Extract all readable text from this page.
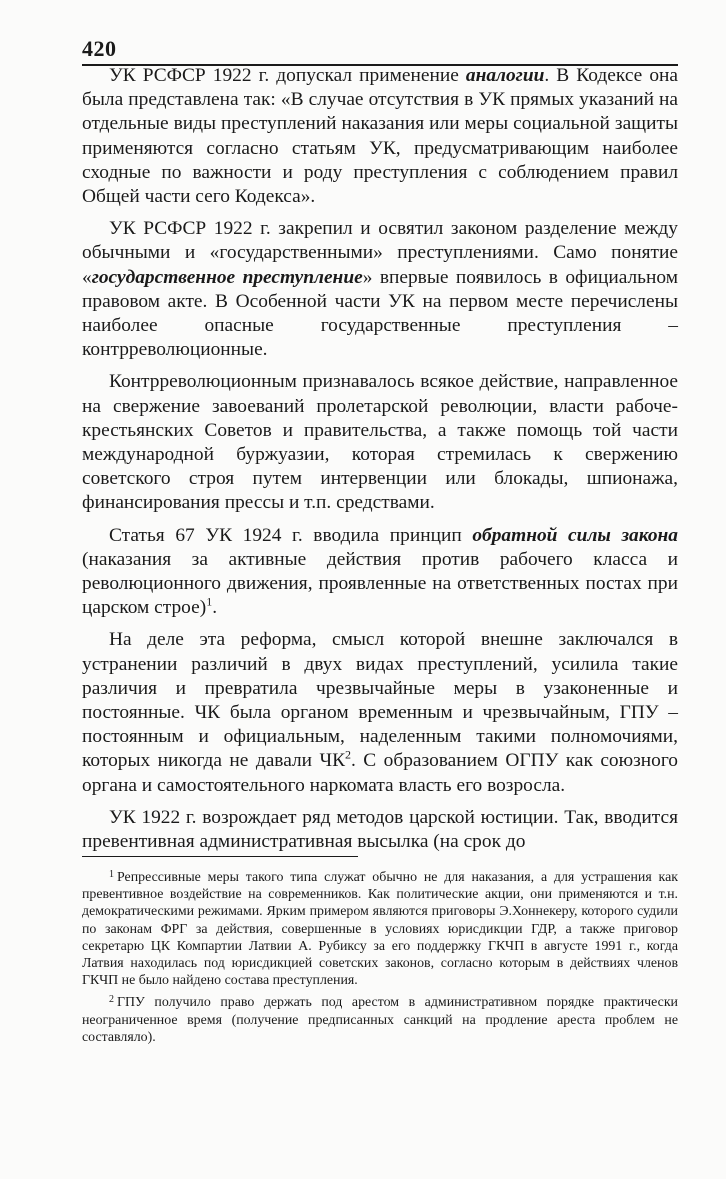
420

УК РСФСР 1922 г. допускал применение аналогии. В Кодексе она была представлена так: «В случае отсутствия в УК прямых указаний на отдельные виды преступлений наказания или меры социальной защиты применяются согласно статьям УК, предусматривающим наиболее сходные по важности и роду преступления с соблюдением правил Общей части сего Кодекса».

УК РСФСР 1922 г. закрепил и освятил законом разделение между обычными и «государственными» преступлениями. Само понятие «государственное преступление» впервые появилось в официальном правовом акте. В Особенной части УК на первом месте перечислены наиболее опасные государственные преступления – контрреволюционные.

Контрреволюционным признавалось всякое действие, направленное на свержение завоеваний пролетарской революции, власти рабоче-крестьянских Советов и правительства, а также помощь той части международной буржуазии, которая стремилась к свержению советского строя путем интервенции или блокады, шпионажа, финансирования прессы и т.п. средствами.

Статья 67 УК 1924 г. вводила принцип обратной силы закона (наказания за активные действия против рабочего класса и революционного движения, проявленные на ответственных постах при царском строе)$^1$.

На деле эта реформа, смысл которой внешне заключался в устранении различий в двух видах преступлений, усилила такие различия и превратила чрезвычайные меры в узаконенные и постоянные. ЧК была органом временным и чрезвычайным, ГПУ – постоянным и официальным, наделенным такими полномочиями, которых никогда не давали $ЧК^2$. С образованием ОГПУ как союзного органа и самостоятельного наркомата власть его возросла.

УК 1922 г. возрождает ряд методов царской юстиции. Так, вводится превентивная административная высылка (на срок до

$^1$ Репрессивные меры такого типа служат обычно не для наказания, а для устрашения как превентивное воздействие на современников. Как политические акции, они применяются и т.н. демократическими режимами. Ярким примером являются приговоры Э.Хоннекеру, которого судили по законам ФРГ за действия, совершенные в условиях юрисдикции ГДР, а также приговор секретарю ЦК Компартии Латвии А. Рубиксу за его поддержку ГКЧП в августе 1991 г., когда Латвия находилась под юрисдикцией советских законов, согласно которым в действиях членов ГКЧП не было найдено состава преступления.

$^2$ ГПУ получило право держать под арестом в административном порядке практически неограниченное время (получение предписанных санкций на продление ареста проблем не составляло).
